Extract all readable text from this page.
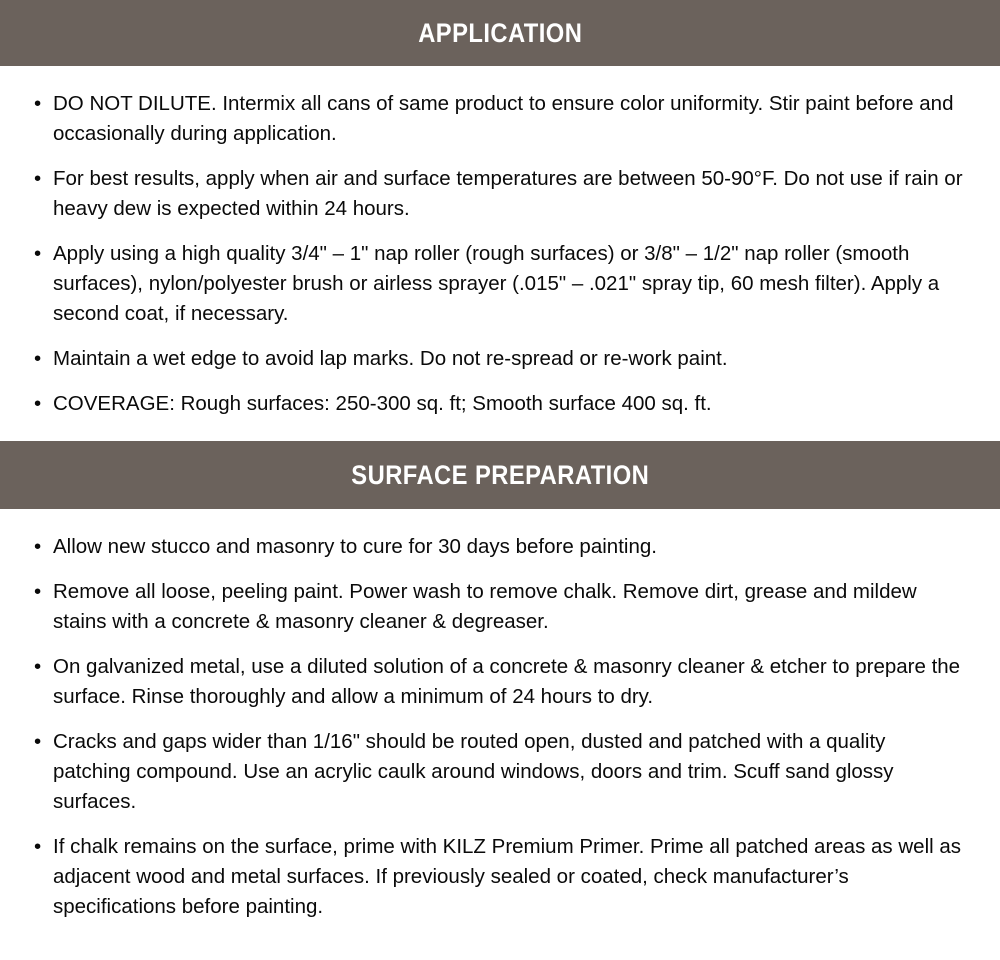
APPLICATION
• DO NOT DILUTE. Intermix all cans of same product to ensure color uniformity. Stir paint before and occasionally during application.
• For best results, apply when air and surface temperatures are between 50-90°F. Do not use if rain or heavy dew is expected within 24 hours.
• Apply using a high quality 3/4" – 1" nap roller (rough surfaces) or 3/8" – 1/2" nap roller (smooth surfaces), nylon/polyester brush or airless sprayer (.015" – .021" spray tip, 60 mesh filter). Apply a second coat, if necessary.
• Maintain a wet edge to avoid lap marks. Do not re-spread or re-work paint.
• COVERAGE: Rough surfaces: 250-300 sq. ft; Smooth surface 400 sq. ft.
SURFACE PREPARATION
• Allow new stucco and masonry to cure for 30 days before painting.
• Remove all loose, peeling paint. Power wash to remove chalk. Remove dirt, grease and mildew stains with a concrete & masonry cleaner & degreaser.
• On galvanized metal, use a diluted solution of a concrete & masonry cleaner & etcher to prepare the surface. Rinse thoroughly and allow a minimum of 24 hours to dry.
• Cracks and gaps wider than 1/16" should be routed open, dusted and patched with a quality patching compound. Use an acrylic caulk around windows, doors and trim. Scuff sand glossy surfaces.
• If chalk remains on the surface, prime with KILZ Premium Primer. Prime all patched areas as well as adjacent wood and metal surfaces. If previously sealed or coated, check manufacturer’s specifications before painting.
